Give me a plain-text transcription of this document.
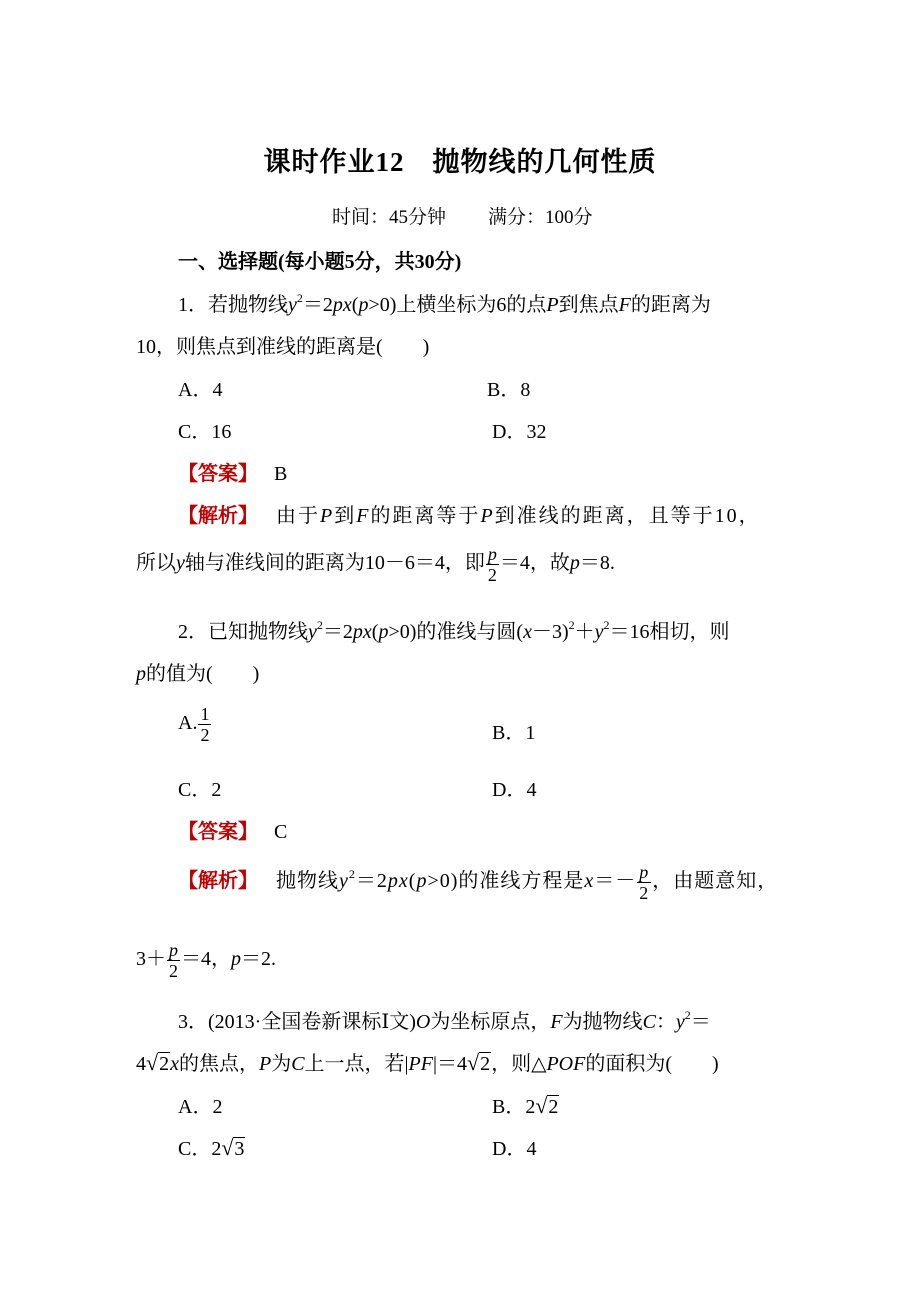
课时作业12　抛物线的几何性质
时间：45分钟 满分：100分
一、选择题(每小题5分，共30分)
1．若抛物线$y^2=2px(p>0)$上横坐标为6的点P到焦点F的距离为
10，则焦点到准线的距离是(　　)
A．4	B．8
C．16	D．32
【答案】 B
【解析】 由于P到F的距离等于P到准线的距离，且等于10，
所以y轴与准线间的距离为10－6＝4，即 $\frac{p}{2} =4$，故p＝8.
2．已知抛物线$y^2=2px(p>0)$的准线与圆$(x-3)^2+y^2=16$相切，则
p的值为(　　)
A. $\frac{1}{2}$	B．1
C．2	D．4
【答案】 C
【解析】 抛物线$y^2=2px(p>0)$的准线方程是$x=- \frac{p}{2}$ ，由题意知，
$3+ \frac{p}{2} =4$，p＝2.
3．(2013·全国卷新课标Ⅰ文)O为坐标原点，F为抛物线C：$y^2=$
4√2x的焦点，P为C上一点，若|PF|＝4√2，则△POF的面积为(　　)
A．2	B．2√2
C．2√3	D．4
